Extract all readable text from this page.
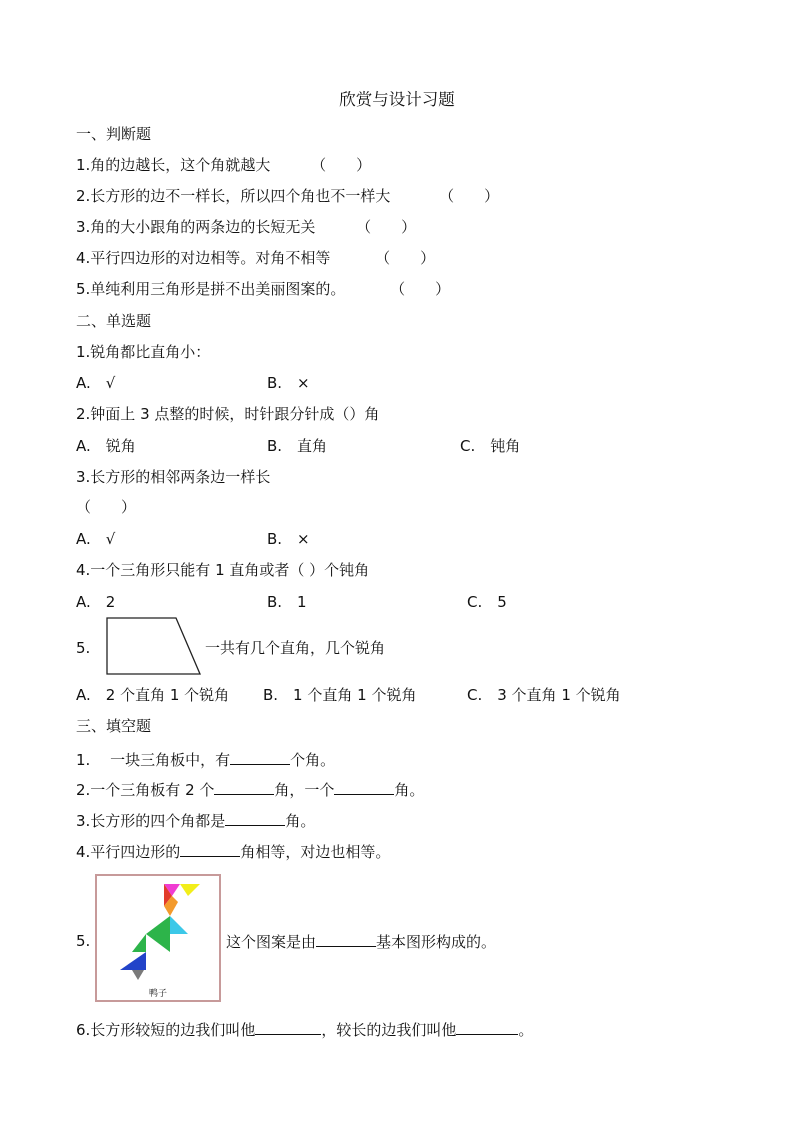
欣赏与设计习题
一、判断题
1.角的边越长，这个角就越大	（　　）
2.长方形的边不一样长，所以四个角也不一样大	（　　）
3.角的大小跟角的两条边的长短无关	（　　）
4.平行四边形的对边相等。对角不相等	（　　）
5.单纯利用三角形是拼不出美丽图案的。	（　　）
二、单选题
1.锐角都比直角小：
A.　√	B.　×
2.钟面上 3 点整的时候，时针跟分针成（）角
A.　锐角	B.　直角	C.　钝角
3.长方形的相邻两条边一样长
（　　）
A.　√	B.　×
4.一个三角形只能有 1 直角或者（ ）个钝角
A.　2	B.　1	C.　5
5.	一共有几个直角，几个锐角
A.　2 个直角 1 个锐角 B.　1 个直角 1 个锐角	C.　3 个直角 1 个锐角
三、填空题
1.　 一块三角板中，有	个角。
2.一个三角板有 2 个	角，一个	角。
3.长方形的四个角都是	角。
4.平行四边形的	角相等，对边也相等。
5.
鸭子
这个图案是由	基本图形构成的。
6.长方形较短的边我们叫他	，较长的边我们叫他	。
